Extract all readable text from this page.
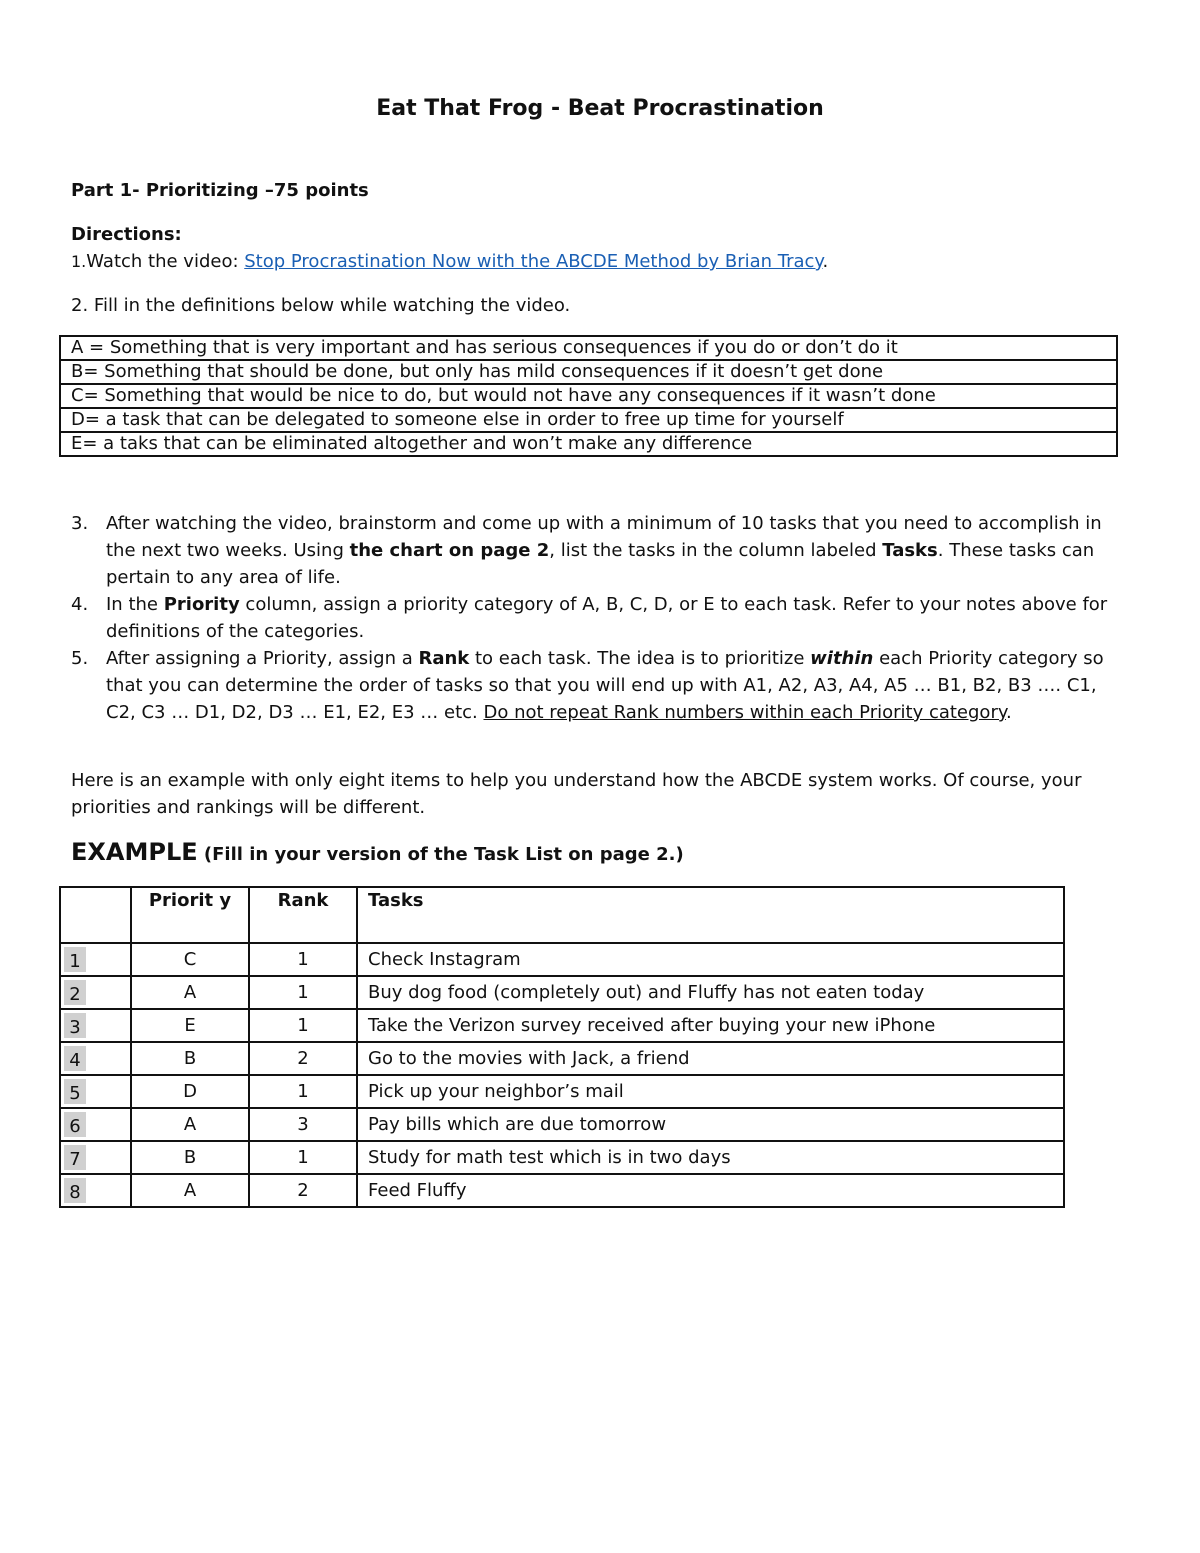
Eat That Frog - Beat Procrastination
Part 1- Prioritizing –75 points
Directions:
1.Watch the video: Stop Procrastination Now with the ABCDE Method by Brian Tracy.
2. Fill in the definitions below while watching the video.
A = Something that is very important and has serious consequences if you do or don’t do it
B= Something that should be done, but only has mild consequences if it doesn’t get done
C= Something that would be nice to do, but would not have any consequences if it wasn’t done
D= a task that can be delegated to someone else in order to free up time for yourself
E= a taks that can be eliminated altogether and won’t make any difference
3. After watching the video, brainstorm and come up with a minimum of 10 tasks that you need to accomplish in the next two weeks. Using the chart on page 2, list the tasks in the column labeled Tasks. These tasks can pertain to any area of life.
4. In the Priority column, assign a priority category of A, B, C, D, or E to each task. Refer to your notes above for definitions of the categories.
5. After assigning a Priority, assign a Rank to each task. The idea is to prioritize within each Priority category so that you can determine the order of tasks so that you will end up with A1, A2, A3, A4, A5 … B1, B2, B3 …. C1, C2, C3 … D1, D2, D3 … E1, E2, E3 … etc. Do not repeat Rank numbers within each Priority category.
Here is an example with only eight items to help you understand how the ABCDE system works. Of course, your priorities and rankings will be different.
EXAMPLE (Fill in your version of the Task List on page 2.)
	Priorit y	Rank	Tasks

1	C	1	Check Instagram

2	A	1	Buy dog food (completely out) and Fluffy has not eaten today

3	E	1	Take the Verizon survey received after buying your new iPhone

4	B	2	Go to the movies with Jack, a friend

5	D	1	Pick up your neighbor’s mail

6	A	3	Pay bills which are due tomorrow

7	B	1	Study for math test which is in two days

8	A	2	Feed Fluffy
